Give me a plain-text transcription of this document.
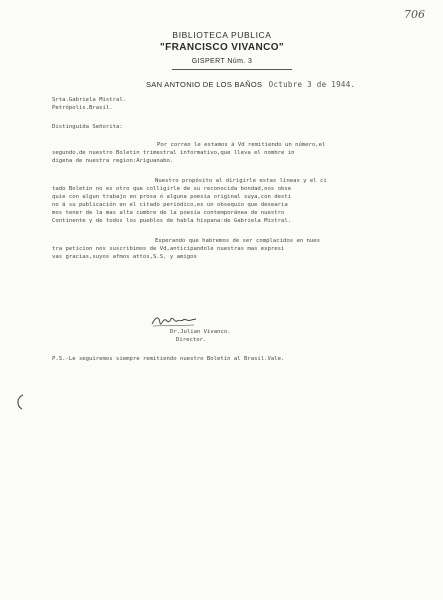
706
BIBLIOTECA PUBLICA
"FRANCISCO VIVANCO"
GISPERT Núm. 3
SAN ANTONIO DE LOS BAÑOS Octubre 3 de 1944.
Srta.Gabriela Mistral.
Petrópolis.Brasil.
Distinguida Señorita:
Por correo le estamos á Vd remitiendo un número,el
segundo,de nuestro Boletín trimestral informativo,que lleva el nombre in
digena de nuestra region:Ariguanabo.
Nuestro propósito al dirigirle estas lineas y el ci
tado Boletin no es otro que colligirle de su reconocida bondad,nos obse
quie con algun trabajo en prosa ó alguna poesia original suya,con desti
no á su publicación en el citado periódico,es un obsequio que desearia
mos tener de la mas alta cumbre de la poesia contemporánea de nuestro
Continente y de todos los pueblos de habla hispana:de Gabriela Mistral.
Esperando que habremos de ser complacidos en nues
tra peticion nos suscribimos de Vd,anticipandole nuestras mas expresi
vas gracias,suyos afmos attos,S.S. y amigos
Dr.Julian Vivanco.
Director.
P.S.-Le seguiremos siempre remitiendo nuestro Boletín al Brasil.Vale.
